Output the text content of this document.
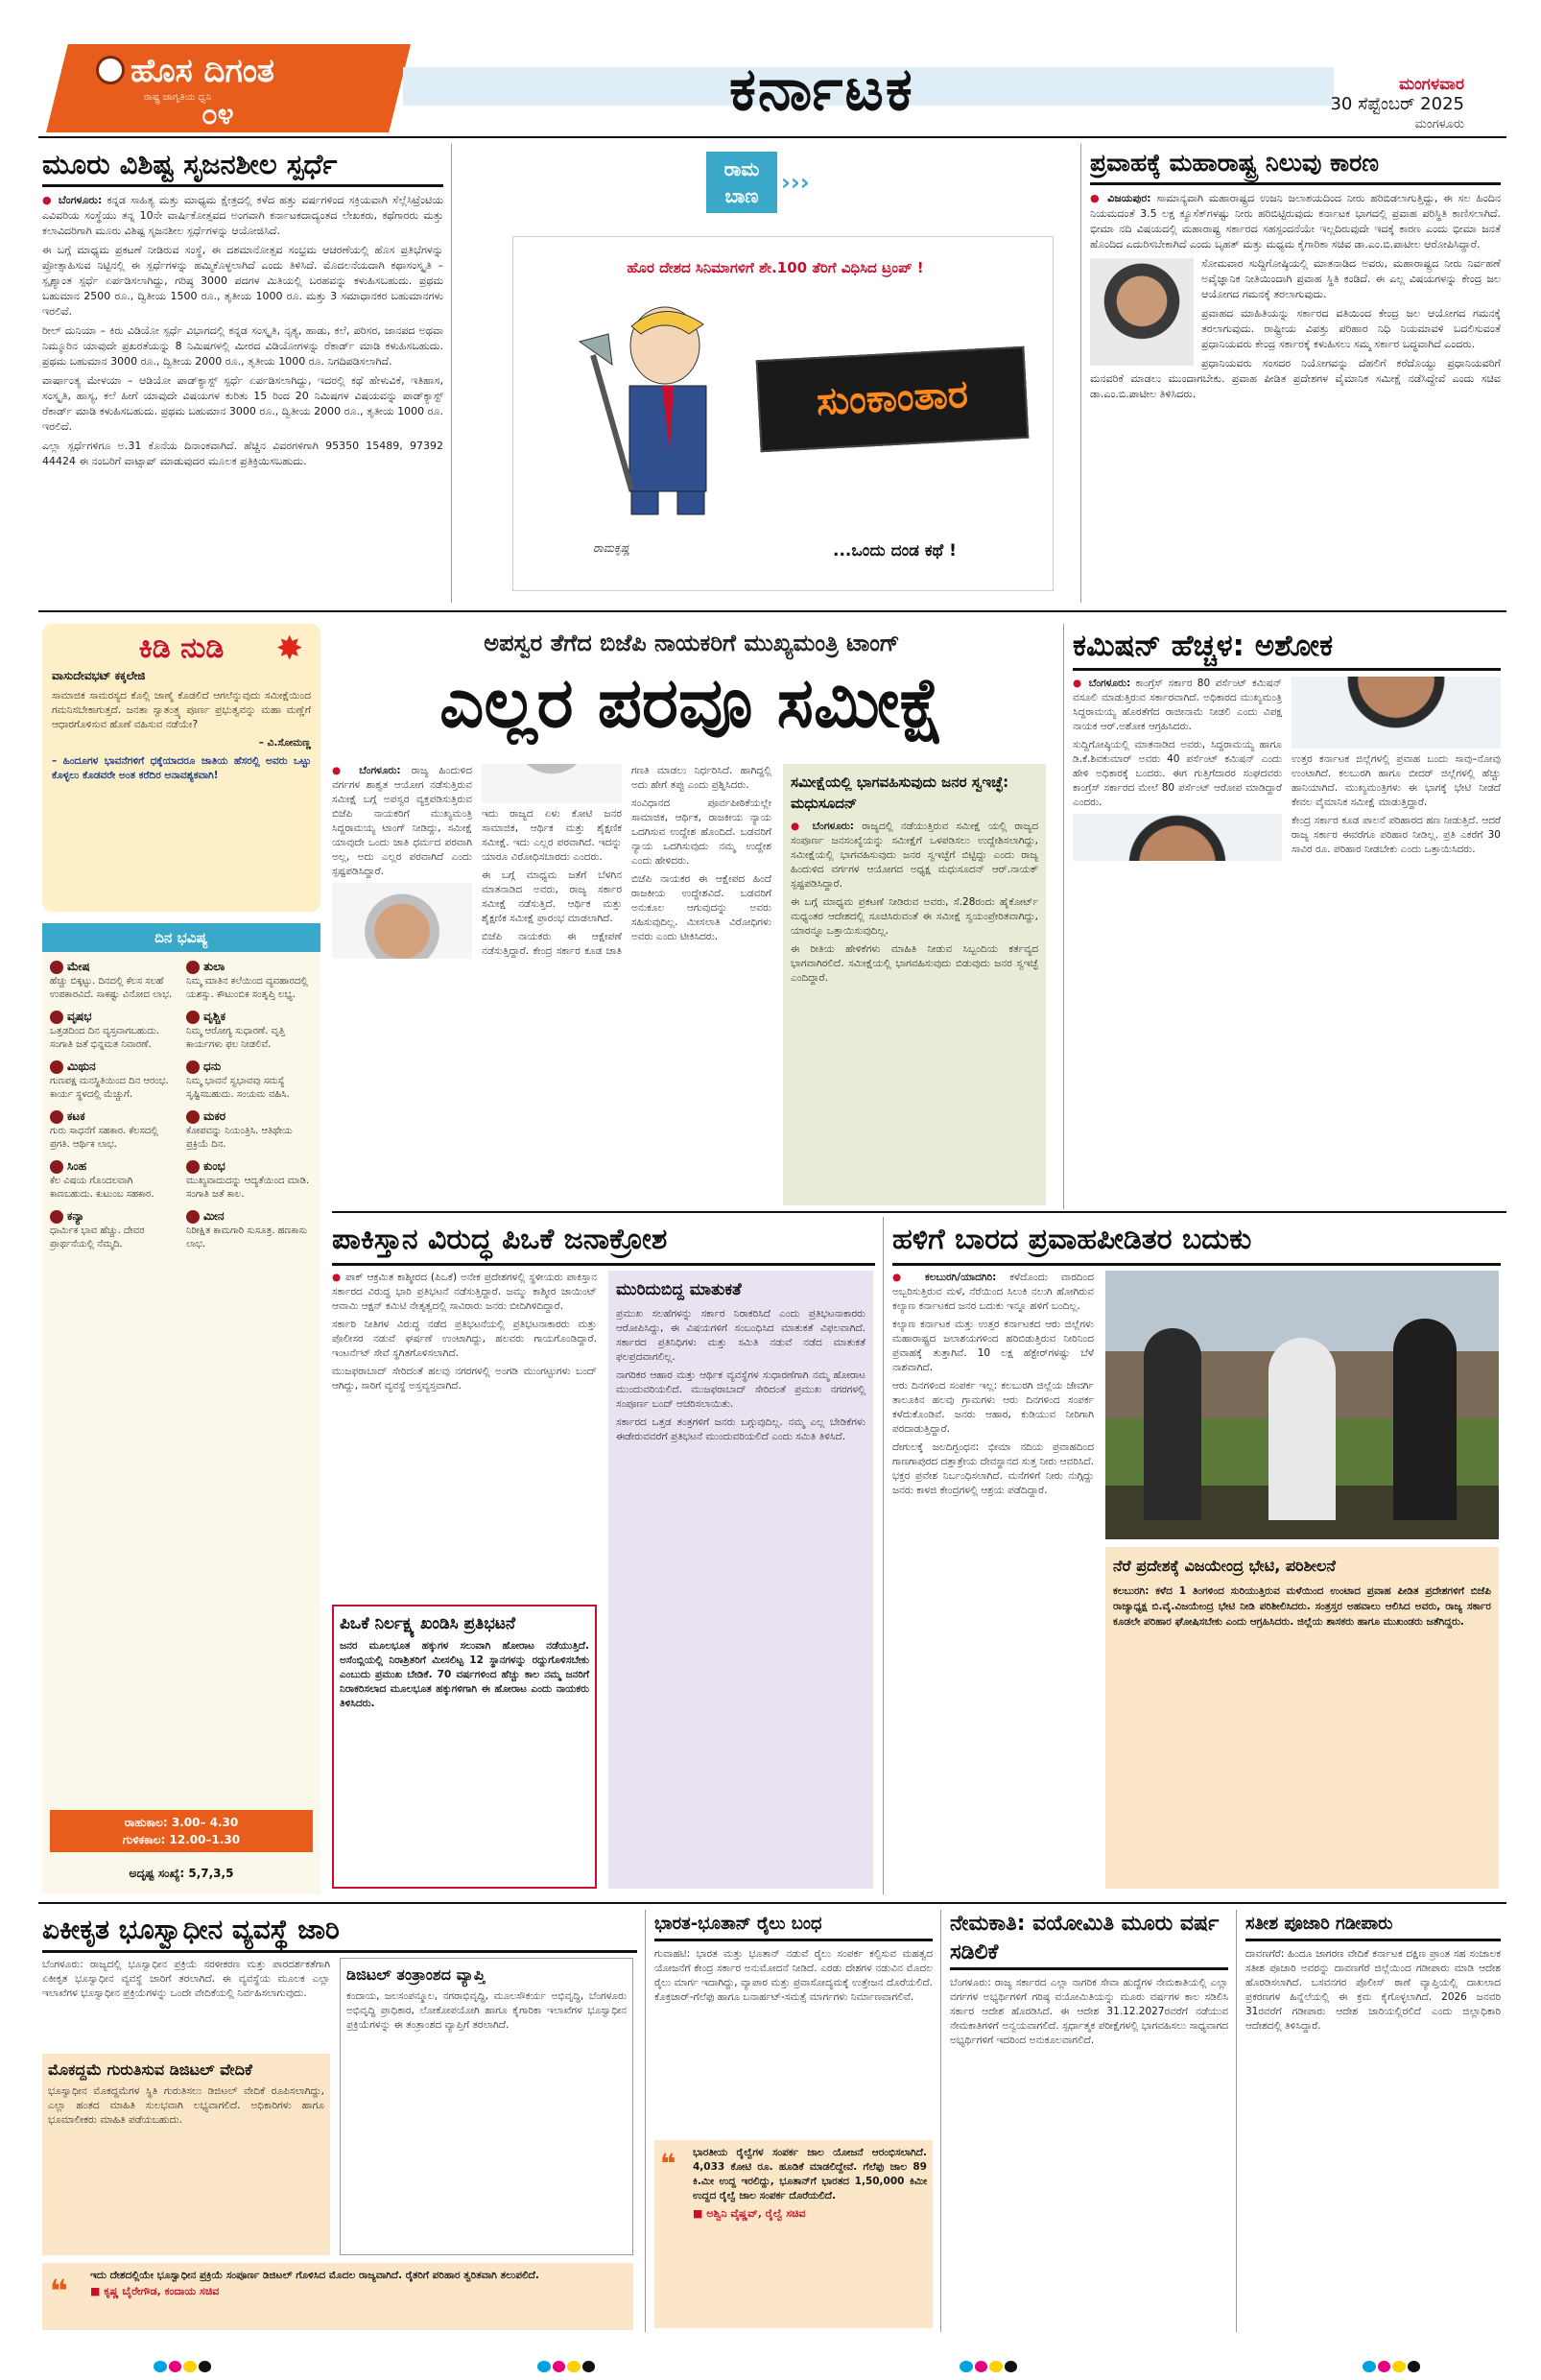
ಹೊಸ ದಿಗಂತ
ರಾಷ್ಟ್ರ ಜಾಗೃತಿಯ ಧ್ವನಿ
೦೪	ಕರ್ನಾಟಕ	ಮಂಗಳವಾರ
30 ಸೆಪ್ಟೆಂಬರ್ 2025
ಮಂಗಳೂರು
ಮೂರು ವಿಶಿಷ್ಟ ಸೃಜನಶೀಲ ಸ್ಪರ್ಧೆ

● ಬೆಂಗಳೂರು: ಕನ್ನಡ ಸಾಹಿತ್ಯ ಮತ್ತು ಮಾಧ್ಯಮ ಕ್ಷೇತ್ರದಲ್ಲಿ ಕಳೆದ ಹತ್ತು ವರ್ಷಗಳಿಂದ ಸಕ್ರಿಯವಾಗಿ ಸೆಲ್ಲೆಸಿಟ್ರೆಂಟಿಯ ಎವಿವರಿಯ ಸಂಸ್ಥೆಯು ತನ್ನ 10ನೇ ವಾರ್ಷಿಕೋತ್ಸವದ ಅಂಗವಾಗಿ ಕರ್ನಾಟಕದಾದ್ಯಂತದ ಲೇಖಕರು, ಕಥೆಗಾರರು ಮತ್ತು ಕಲಾವಿದರಿಗಾಗಿ ಮೂರು ವಿಶಿಷ್ಟ ಸೃಜನಶೀಲ ಸ್ಪರ್ಧೆಗಳನ್ನು ಆಯೋಜಿಸಿದೆ.

ಈ ಬಗ್ಗೆ ಮಾಧ್ಯಮ ಪ್ರಕಟಣೆ ನೀಡಿರುವ ಸಂಸ್ಥೆ, ಈ ದಶಮಾನೋತ್ಸವ ಸಂಭ್ರಮ ಆಚರಣೆಯಲ್ಲಿ ಹೊಸ ಪ್ರತಿಭೆಗಳನ್ನು ಪ್ರೋತ್ಸಾಹಿಸುವ ನಿಟ್ಟಿನಲ್ಲಿ ಈ ಸ್ಪರ್ಧೆಗಳನ್ನು ಹಮ್ಮಿಕೊಳ್ಳಲಾಗಿದೆ ಎಂದು ತಿಳಿಸಿದೆ. ಮೊದಲನೆಯದಾಗಿ ಕಥಾಸಂಸ್ಕೃತಿ – ಸ್ಪೃಶ್ಯಾಂತ ಸ್ಪರ್ಧೆ ಏರ್ಪಡಿಸಲಾಗಿದ್ದು, ಗರಿಷ್ಠ 3000 ಪದಗಳ ಮಿತಿಯಲ್ಲಿ ಬರಹವನ್ನು ಕಳುಹಿಸಬಹುದು. ಪ್ರಥಮ ಬಹುಮಾನ 2500 ರೂ., ದ್ವಿತೀಯ 1500 ರೂ., ತೃತೀಯ 1000 ರೂ. ಮತ್ತು 3 ಸಮಾಧಾನಕರ ಬಹುಮಾನಗಳು ಇರಲಿವೆ.

ರೀಲ್ ದುನಿಯಾ – ಕಿರು ವಿಡಿಯೋ ಸ್ಪರ್ಧೆ ವಿಭಾಗದಲ್ಲಿ ಕನ್ನಡ ಸಂಸ್ಕೃತಿ, ನೃತ್ಯ, ಹಾಡು, ಕಲೆ, ಪರಿಸರ, ಜಾನಪದ ಅಥವಾ ನಿಮ್ಮೂರಿನ ಯಾವುದೇ ಪ್ರಖರತೆಯನ್ನು 8 ನಿಮಿಷಗಳಲ್ಲಿ ಮೀರದ ವಿಡಿಯೋಗಳನ್ನು ರೆಕಾರ್ಡ್ ಮಾಡಿ ಕಳುಹಿಸಬಹುದು. ಪ್ರಥಮ ಬಹುಮಾನ 3000 ರೂ., ದ್ವಿತೀಯ 2000 ರೂ., ತೃತೀಯ 1000 ರೂ. ನಿಗದಿಪಡಿಸಲಾಗಿದೆ.

ವಾರ್ಷಾಂತ್ಯ ಮೇಳಯಾ – ಆಡಿಯೋ ಪಾಡ್‌ಕ್ಯಾಸ್ಟ್ ಸ್ಪರ್ಧೆ ಏರ್ಪಡಿಸಲಾಗಿದ್ದು, ಇದರಲ್ಲಿ ಕಥೆ ಹೇಳುವಿಕೆ, ಇತಿಹಾಸ, ಸಂಸ್ಕೃತಿ, ಹಾಸ್ಯ, ಕಲೆ ಹೀಗೆ ಯಾವುದೇ ವಿಷಯಗಳ ಕುರಿತು 15 ರಿಂದ 20 ನಿಮಿಷಗಳ ವಿಷಯವನ್ನು ಪಾಡ್‌ಕ್ಯಾಸ್ಟ್ ರೆಕಾರ್ಡ್ ಮಾಡಿ ಕಳುಹಿಸಬಹುದು. ಪ್ರಥಮ ಬಹುಮಾನ 3000 ರೂ., ದ್ವಿತೀಯ 2000 ರೂ., ತೃತೀಯ 1000 ರೂ. ಇರಲಿದೆ.

ಎಲ್ಲಾ ಸ್ಪರ್ಧೆಗಳಿಗೂ ಅ.31 ಕೊನೆಯ ದಿನಾಂಕವಾಗಿದೆ. ಹೆಚ್ಚಿನ ವಿವರಗಳಿಗಾಗಿ 95350 15489, 97392 44424 ಈ ನಂಬರಿಗೆ ವಾಟ್ಸಾಪ್ ಮಾಡುವುದರ ಮೂಲಕ ಪ್ರತಿಕ್ರಿಯಿಸಬಹುದು.

ರಾಮ ಬಾಣ ›››
ಹೊರ ದೇಶದ ಸಿನಿಮಾಗಳಿಗೆ ಶೇ.100 ತೆರಿಗೆ ವಿಧಿಸಿದ ಟ್ರಂಪ್ !
ಸುಂಕಾಂತಾರ
ರಾಮಕೃಷ್ಣ	...ಒಂದು ದಂಡ ಕಥೆ !
ಪ್ರವಾಹಕ್ಕೆ ಮಹಾರಾಷ್ಟ್ರ ನಿಲುವು ಕಾರಣ

● ವಿಜಯಪುರ: ಸಾಮಾನ್ಯವಾಗಿ ಮಹಾರಾಷ್ಟ್ರದ ಉಜನಿ ಜಲಾಶಯದಿಂದ ನೀರು ಹರಿಬಿಡಲಾಗುತ್ತಿದ್ದು, ಈ ಸಲ ಹಿಂದಿನ ನಿಯಮದಂತೆ 3.5 ಲಕ್ಷ ಕ್ಯೂಸೆಕ್‌ಗಳಷ್ಟು ನೀರು ಹರಿಬಿಟ್ಟಿರುವುದು ಕರ್ನಾಟಕ ಭಾಗದಲ್ಲಿ ಪ್ರವಾಹ ಪರಿಸ್ಥಿತಿ ಕಾಣಿಸಲಾಗಿದೆ. ಭೀಮಾ ನದಿ ವಿಷಯದಲ್ಲಿ ಮಹಾರಾಷ್ಟ್ರ ಸರ್ಕಾರದ ಸಹಸ್ಪಂದನೆಯೇ ಇಲ್ಲದಿರುವುದೇ ಇದಕ್ಕೆ ಕಾರಣ ಎಂದು ಭೀಮಾ ಜನತೆ ಹೊಂದಿದ ಎದುರಿಸಬೇಕಾಗಿದೆ ಎಂದು ಬೃಹತ್ ಮತ್ತು ಮಧ್ಯಮ ಕೈಗಾರಿಕಾ ಸಚಿವ ಡಾ.ಎಂ.ಬಿ.ಪಾಟೀಲ ಆರೋಪಿಸಿದ್ದಾರೆ.

ಸೋಮವಾರ ಸುದ್ದಿಗೋಷ್ಠಿಯಲ್ಲಿ ಮಾತನಾಡಿದ ಅವರು, ಮಹಾರಾಷ್ಟ್ರದ ನೀರು ನಿರ್ವಹಣೆ ಅವೈಜ್ಞಾನಿಕ ನೀತಿಯಿಂದಾಗಿ ಪ್ರವಾಹ ಸ್ಥಿತಿ ಕಂಡಿದೆ. ಈ ಎಲ್ಲ ವಿಷಯಗಳನ್ನು ಕೇಂದ್ರ ಜಲ ಆಯೋಗದ ಗಮನಕ್ಕೆ ತರಲಾಗುವುದು.

ಪ್ರವಾಹದ ಮಾಹಿತಿಯನ್ನು ಸರ್ಕಾರದ ವತಿಯಿಂದ ಕೇಂದ್ರ ಜಲ ಆಯೋಗದ ಗಮನಕ್ಕೆ ತರಲಾಗುವುದು. ರಾಷ್ಟ್ರೀಯ ವಿಪತ್ತು ಪರಿಹಾರ ನಿಧಿ ನಿಯಮಾವಳಿ ಬದಲಿಸುವಂತೆ ಪ್ರಧಾನಿಯವರು ಕೇಂದ್ರ ಸರ್ಕಾರಕ್ಕೆ ಕಳುಹಿಸಲು ಸಮ್ಮ ಸರ್ಕಾರ ಬದ್ಧವಾಗಿದೆ ಎಂದರು.

ಪ್ರಧಾನಿಯವರು ಸಂಸದರ ನಿಯೋಗವನ್ನು ದೆಹಲಿಗೆ ಕರೆದೊಯ್ದು ಪ್ರಧಾನಿಯವರಿಗೆ ಮನವರಿಕೆ ಮಾಡಲು ಮುಂದಾಗಬೇಕು. ಪ್ರವಾಹ ಪೀಡಿತ ಪ್ರದೇಶಗಳ ವೈಮಾನಿಕ ಸಮೀಕ್ಷೆ ನಡೆಸಿದ್ದೇವೆ ಎಂದು ಸಚಿವ ಡಾ.ಎಂ.ಬಿ.ಪಾಟೀಲ ತಿಳಿಸಿದರು.

✸
ಕಿಡಿ ನುಡಿ
ವಾಸುದೇವಭಟ್ ಕಕ್ಕಲೇಜಿ

ಸಾಮಾಜಿಕ ಸಾಮರಸ್ಯದ ಕೊಲ್ಲಿ ಜಾಣ್ಮೆ ಕೊಡಲಿದೆ ಆಗಲೆನ್ನುವುದು ಸಮೀಕ್ಷೆಯಿಂದ ಗಮನಿಸಬೇಕಾಗುತ್ತದೆ. ಜನತಾ ಸ್ವಾತಂತ್ರ್ಯ ಪೂರ್ಣ ಪ್ರಭುತ್ವವನ್ನು ಮಹಾ ಮಣ್ಣೆಗೆ ಆಧಾರಗೊಳಿಸುವ ಹೊಣೆ ವಹಿಸುವ ನಡೆಯೇ?

– ವಿ.ಸೋಮಣ್ಣ

– ಹಿಂದೂಗಳ ಭಾವನೆಗಳಿಗೆ ಧಕ್ಕೆಯಾದರೂ ಜಾತಿಯ ಹೆಸರಲ್ಲಿ ಅವರು ಒಟ್ಟು ಕೊಳ್ಳಲು ಕೊಡವರೇ ಅಂತ ಕರೆದಿರ ಅನಾವಶ್ಯಕವಾಗಿ!

ದಿನ ಭವಿಷ್ಯ
ಮೇಷ
ಹೆಚ್ಚು ಬಿಕ್ಕಟ್ಟು. ದಿನದಲ್ಲಿ ಕೆಲಸ ಸಲಹೆ ಉಪಕಾರವಿದೆ. ಸಾಕಷ್ಟು ವಿನೋದ ಲಾಭ.
ತುಲಾ
ನಿಮ್ಮ ಮಾತಿನ ಕಲೆಯಿಂದ ವ್ಯವಹಾರದಲ್ಲಿ ಯಶಸ್ಸು. ಕೌಟುಂಬಿಕ ಸಂತೃಪ್ತಿ ಲಭ್ಯ.
ವೃಷಭ
ಒತ್ತಡದಿಂದ ದಿನ ವ್ಯಸ್ತವಾಗಬಹುದು. ಸಂಗಾತಿ ಜತೆ ಭಿನ್ನಮತ ನಿವಾರಣೆ.
ವೃಶ್ಚಿಕ
ನಿಮ್ಮ ಆರೋಗ್ಯ ಸುಧಾರಣೆ. ವೃತ್ತಿ ಕಾರ್ಯಗಳು ಫಲ ನೀಡಲಿವೆ.
ಮಿಥುನ
ಗುಣಪಕ್ಷ ಮನಸ್ಥಿತಿಯಿಂದ ದಿನ ಆರಂಭ. ಕಾರ್ಯ ಸ್ಥಳದಲ್ಲಿ ಮೆಚ್ಚುಗೆ.
ಧನು
ನಿಮ್ಮ ಭಾವನೆ ಸ್ವಭಾವವು ಸಮಸ್ಯೆ ಸೃಷ್ಟಿಸಬಹುದು. ಸಂಯಮ ವಹಿಸಿ.
ಕಟಕ
ಗುರು ಸಾಧನೆಗೆ ಸಹಕಾರ. ಕೆಲಸದಲ್ಲಿ ಪ್ರಗತಿ. ಆರ್ಥಿಕ ಲಾಭ.
ಮಕರ
ಕೋಪವನ್ನು ನಿಯಂತ್ರಿಸಿ. ಆತಿಥೇಯ ಪ್ರಕ್ರಿಯೆ ದಿನ.
ಸಿಂಹ
ಕೆಲ ವಿಷಯ ಗೊಂದಲವಾಗಿ ಕಾಣಬಹುದು. ಕುಟುಂಬ ಸಹಕಾರ.
ಕುಂಭ
ಮುಖ್ಯವಾದುದನ್ನು ಆದ್ಯತೆಯಿಂದ ಮಾಡಿ. ಸಂಗಾತಿ ಜತೆ ಕಾಲ.
ಕನ್ಯಾ
ಧಾರ್ಮಿಕ ಭಾವ ಹೆಚ್ಚು. ದೇವರ ಪ್ರಾರ್ಥನೆಯಲ್ಲಿ ನೆಮ್ಮದಿ.
ಮೀನ
ನಿರೀಕ್ಷಿತ ಕಾಮಗಾರಿ ಸುಸೂತ್ರ. ಹಣಕಾಸು ಲಾಭ.
ರಾಹುಕಾಲ: 3.00– 4.30
ಗುಳಿಕಕಾಲ: 12.00–1.30
ಅದೃಷ್ಟ ಸಂಖ್ಯೆ: 5,7,3,5
ಅಪಸ್ವರ ತೆಗೆದ ಬಿಜೆಪಿ ನಾಯಕರಿಗೆ ಮುಖ್ಯಮಂತ್ರಿ ಟಾಂಗ್
ಎಲ್ಲರ ಪರವೂ ಸಮೀಕ್ಷೆ

● ಬೆಂಗಳೂರು: ರಾಜ್ಯ ಹಿಂದುಳಿದ ವರ್ಗಗಳ ಶಾಶ್ವತ ಆಯೋಗ ನಡೆಸುತ್ತಿರುವ ಸಮೀಕ್ಷೆ ಬಗ್ಗೆ ಅಪಸ್ವರ ವ್ಯಕ್ತಪಡಿಸುತ್ತಿರುವ ಬಿಜೆಪಿ ನಾಯಕರಿಗೆ ಮುಖ್ಯಮಂತ್ರಿ ಸಿದ್ದರಾಮಯ್ಯ ಟಾಂಗ್ ನೀಡಿದ್ದು, ಸಮೀಕ್ಷೆ ಯಾವುದೇ ಒಂದು ಜಾತಿ ಧರ್ಮದ ಪರವಾಗಿ ಅಲ್ಲ, ಅದು ಎಲ್ಲರ ಪರವಾಗಿದೆ ಎಂದು ಸ್ಪಷ್ಟಪಡಿಸಿದ್ದಾರೆ.

ಇದು ರಾಜ್ಯದ ಏಳು ಕೋಟಿ ಜನರ ಸಾಮಾಜಿಕ, ಆರ್ಥಿಕ ಮತ್ತು ಶೈಕ್ಷಣಿಕ ಸಮೀಕ್ಷೆ. ಇದು ಎಲ್ಲರ ಪರವಾಗಿದೆ. ಇದನ್ನು ಯಾರೂ ವಿರೋಧಿಸಬಾರದು ಎಂದರು.

ಈ ಬಗ್ಗೆ ಮಾಧ್ಯಮ ಜತೆಗೆ ಬೆಳಗಿನ ಮಾತನಾಡಿದ ಅವರು, ರಾಜ್ಯ ಸರ್ಕಾರ ಸಮೀಕ್ಷೆ ನಡೆಸುತ್ತಿದೆ. ಆರ್ಥಿಕ ಮತ್ತು ಶೈಕ್ಷಣಿಕ ಸಮೀಕ್ಷೆ ಪ್ರಾರಂಭ ಮಾಡಲಾಗಿದೆ.

ಬಿಜೆಪಿ ನಾಯಕರು ಈ ಆಕ್ಷೇಪಣೆ ನಡೆಸುತ್ತಿದ್ದಾರೆ. ಕೇಂದ್ರ ಸರ್ಕಾರ ಕೂಡ ಜಾತಿ ಗಣತಿ ಮಾಡಲು ನಿರ್ಧರಿಸಿದೆ. ಹಾಗಿದ್ದಲ್ಲಿ ಅದು ಹೇಗೆ ತಪ್ಪು ಎಂದು ಪ್ರಶ್ನಿಸಿದರು.

ಸಂವಿಧಾನದ ಪೂರ್ವಪೀಠಿಕೆಯಲ್ಲೇ ಸಾಮಾಜಿಕ, ಆರ್ಥಿಕ, ರಾಜಕೀಯ ನ್ಯಾಯ ಒದಗಿಸುವ ಉದ್ದೇಶ ಹೊಂದಿದೆ. ಬಡವರಿಗೆ ನ್ಯಾಯ ಒದಗಿಸುವುದು ನಮ್ಮ ಉದ್ದೇಶ ಎಂದು ಹೇಳಿದರು.

ಬಿಜೆಪಿ ನಾಯಕರ ಈ ಆಕ್ಷೇಪದ ಹಿಂದೆ ರಾಜಕೀಯ ಉದ್ದೇಶವಿದೆ. ಬಡವರಿಗೆ ಅನುಕೂಲ ಆಗುವುದನ್ನು ಅವರು ಸಹಿಸುವುದಿಲ್ಲ. ಮೀಸಲಾತಿ ವಿರೋಧಿಗಳು ಅವರು ಎಂದು ಟೀಕಿಸಿದರು.

ಸಮೀಕ್ಷೆಯಲ್ಲಿ ಭಾಗವಹಿಸುವುದು ಜನರ ಸ್ವಇಚ್ಛೆ: ಮಧುಸೂದನ್

● ಬೆಂಗಳೂರು: ರಾಜ್ಯದಲ್ಲಿ ನಡೆಯುತ್ತಿರುವ ಸಮೀಕ್ಷೆ ಯಲ್ಲಿ ರಾಜ್ಯದ ಸಂಪೂರ್ಣ ಜನಸಂಖ್ಯೆಯನ್ನು ಸಮೀಕ್ಷೆಗೆ ಒಳಪಡಿಸಲು ಉದ್ದೇಶಿಸಲಾಗಿದ್ದು, ಸಮೀಕ್ಷೆಯಲ್ಲಿ ಭಾಗವಹಿಸುವುದು ಜನರ ಸ್ವಇಚ್ಛೆಗೆ ಬಿಟ್ಟಿದ್ದು ಎಂದು ರಾಜ್ಯ ಹಿಂದುಳಿದ ವರ್ಗಗಳ ಆಯೋಗದ ಅಧ್ಯಕ್ಷ ಮಧುಸೂದನ್ ಆರ್.ನಾಯಕ್ ಸ್ಪಷ್ಟಪಡಿಸಿದ್ದಾರೆ.

ಈ ಬಗ್ಗೆ ಮಾಧ್ಯಮ ಪ್ರಕಟಣೆ ನೀಡಿರುವ ಅವರು, ಸೆ.28ರಂದು ಹೈಕೋರ್ಟ್ ಮಧ್ಯಂತರ ಆದೇಶದಲ್ಲಿ ಸೂಚಿಸಿರುವಂತೆ ಈ ಸಮೀಕ್ಷೆ ಸ್ವಯಂಪ್ರೇರಿತವಾಗಿದ್ದು, ಯಾರನ್ನೂ ಒತ್ತಾಯಿಸುವುದಿಲ್ಲ.

ಈ ರೀತಿಯ ಹೇಳಿಕೆಗಳು ಮಾಹಿತಿ ನೀಡುವ ಸಿಬ್ಬಂದಿಯ ಕರ್ತವ್ಯದ ಭಾಗವಾಗಿರಲಿದೆ. ಸಮೀಕ್ಷೆಯಲ್ಲಿ ಭಾಗವಹಿಸುವುದು ಬಿಡುವುದು ಜನರ ಸ್ವಇಚ್ಛೆ ಎಂದಿದ್ದಾರೆ.

ಕಮಿಷನ್ ಹೆಚ್ಚಳ: ಅಶೋಕ

● ಬೆಂಗಳೂರು: ಕಾಂಗ್ರೆಸ್ ಸರ್ಕಾರ 80 ಪರ್ಸೆಂಟ್ ಕಮಿಷನ್ ವಸೂಲಿ ಮಾಡುತ್ತಿರುವ ಸರ್ಕಾರವಾಗಿದೆ. ಅಧಿಕಾರದ ಮುಖ್ಯಮಂತ್ರಿ ಸಿದ್ದರಾಮಯ್ಯ ಹೊರತೆಗೆದ ರಾಜೀನಾಮೆ ನೀಡಲಿ ಎಂದು ವಿಪಕ್ಷ ನಾಯಕ ಆರ್.ಅಶೋಕ ಆಗ್ರಹಿಸಿದರು.

ಸುದ್ದಿಗೋಷ್ಠಿಯಲ್ಲಿ ಮಾತನಾಡಿದ ಅವರು, ಸಿದ್ದರಾಮಯ್ಯ ಹಾಗೂ ಡಿ.ಕೆ.ಶಿವಕುಮಾರ್ ಅವರು 40 ಪರ್ಸೆಂಟ್ ಕಮಿಷನ್ ಎಂದು ಹೇಳಿ ಅಧಿಕಾರಕ್ಕೆ ಬಂದರು. ಈಗ ಗುತ್ತಿಗೆದಾರರ ಸಂಘದವರು ಕಾಂಗ್ರೆಸ್ ಸರ್ಕಾರದ ಮೇಲೆ 80 ಪರ್ಸೆಂಟ್ ಆರೋಪ ಮಾಡಿದ್ದಾರೆ ಎಂದರು.

ಉತ್ತರ ಕರ್ನಾಟಕ ಜಿಲ್ಲೆಗಳಲ್ಲಿ ಪ್ರವಾಹ ಬಂದು ಸಾವು–ನೋವು ಉಂಟಾಗಿದೆ. ಕಲಬುರಗಿ ಹಾಗೂ ಬೀದರ್ ಜಿಲ್ಲೆಗಳಲ್ಲಿ ಹೆಚ್ಚು ಹಾನಿಯಾಗಿದೆ. ಮುಖ್ಯಮಂತ್ರಿಗಳು ಈ ಭಾಗಕ್ಕೆ ಭೇಟಿ ನೀಡದೆ ಕೇವಲ ವೈಮಾನಿಕ ಸಮೀಕ್ಷೆ ಮಾಡುತ್ತಿದ್ದಾರೆ.

ಕೇಂದ್ರ ಸರ್ಕಾರ ಕೂಡ ಪಾಲನೆ ಪರಿಹಾರದ ಹಣ ನೀಡುತ್ತಿದೆ. ಆದರೆ ರಾಜ್ಯ ಸರ್ಕಾರ ಈವರೆಗೂ ಪರಿಹಾರ ನೀಡಿಲ್ಲ. ಪ್ರತಿ ಎಕರೆಗೆ 30 ಸಾವಿರ ರೂ. ಪರಿಹಾರ ನೀಡಬೇಕು ಎಂದು ಒತ್ತಾಯಿಸಿದರು.

ಪಾಕಿಸ್ತಾನ ವಿರುದ್ಧ ಪಿಒಕೆ ಜನಾಕ್ರೋಶ

● ಪಾಕ್ ಆಕ್ರಮಿತ ಕಾಶ್ಮೀರದ (ಪಿಒಕೆ) ಅನೇಕ ಪ್ರದೇಶಗಳಲ್ಲಿ ಸ್ಥಳೀಯರು ಪಾಕಿಸ್ತಾನ ಸರ್ಕಾರದ ವಿರುದ್ಧ ಭಾರಿ ಪ್ರತಿಭಟನೆ ನಡೆಸುತ್ತಿದ್ದಾರೆ. ಜಮ್ಮು ಕಾಶ್ಮೀರ ಜಾಯಿಂಟ್ ಆವಾಮಿ ಆಕ್ಷನ್ ಕಮಿಟಿ ನೇತೃತ್ವದಲ್ಲಿ ಸಾವಿರಾರು ಜನರು ಬೀದಿಗಿಳಿದಿದ್ದಾರೆ.

ಸರ್ಕಾರಿ ನೀತಿಗಳ ವಿರುದ್ಧ ನಡೆದ ಪ್ರತಿಭಟನೆಯಲ್ಲಿ ಪ್ರತಿಭಟನಾಕಾರರು ಮತ್ತು ಪೊಲೀಸರ ನಡುವೆ ಘರ್ಷಣೆ ಉಂಟಾಗಿದ್ದು, ಹಲವರು ಗಾಯಗೊಂಡಿದ್ದಾರೆ. ಇಂಟರ್ನೆಟ್ ಸೇವೆ ಸ್ಥಗಿತಗೊಳಿಸಲಾಗಿದೆ.

ಮುಜಫರಾಬಾದ್ ಸೇರಿದಂತೆ ಹಲವು ನಗರಗಳಲ್ಲಿ ಅಂಗಡಿ ಮುಂಗಟ್ಟುಗಳು ಬಂದ್ ಆಗಿದ್ದು, ಸಾರಿಗೆ ವ್ಯವಸ್ಥೆ ಅಸ್ತವ್ಯಸ್ತವಾಗಿದೆ.

ಪಿಒಕೆ ನಿರ್ಲಕ್ಷ್ಯ ಖಂಡಿಸಿ ಪ್ರತಿಭಟನೆ
ಜನರ ಮೂಲಭೂತ ಹಕ್ಕುಗಳ ಸಲುವಾಗಿ ಹೋರಾಟ ನಡೆಯುತ್ತಿದೆ. ಅಸೆಂಬ್ಲಿಯಲ್ಲಿ ನಿರಾಶ್ರಿತರಿಗೆ ಮೀಸಲಿಟ್ಟ 12 ಸ್ಥಾನಗಳನ್ನು ರದ್ದುಗೊಳಿಸಬೇಕು ಎಂಬುದು ಪ್ರಮುಖ ಬೇಡಿಕೆ. 70 ವರ್ಷಗಳಿಂದ ಹೆಚ್ಚು ಕಾಲ ನಮ್ಮ ಜನರಿಗೆ ನಿರಾಕರಿಸಲಾದ ಮೂಲಭೂತ ಹಕ್ಕುಗಳಿಗಾಗಿ ಈ ಹೋರಾಟ ಎಂದು ನಾಯಕರು ತಿಳಿಸಿದರು.
ಮುರಿದುಬಿದ್ದ ಮಾತುಕತೆ

ಪ್ರಮುಖ ಸಲಹೆಗಳನ್ನು ಸರ್ಕಾರ ನಿರಾಕರಿಸಿದೆ ಎಂದು ಪ್ರತಿಭಟನಾಕಾರರು ಆರೋಪಿಸಿದ್ದು, ಈ ವಿಷಯಗಳಿಗೆ ಸಂಬಂಧಿಸಿದ ಮಾತುಕತೆ ವಿಫಲವಾಗಿದೆ. ಸರ್ಕಾರದ ಪ್ರತಿನಿಧಿಗಳು ಮತ್ತು ಸಮಿತಿ ನಡುವೆ ನಡೆದ ಮಾತುಕತೆ ಫಲಪ್ರದವಾಗಲಿಲ್ಲ.

ನಾಗರಿಕರ ಆಹಾರ ಮತ್ತು ಆರ್ಥಿಕ ವ್ಯವಸ್ಥೆಗಳ ಸುಧಾರಣೆಗಾಗಿ ನಮ್ಮ ಹೋರಾಟ ಮುಂದುವರಿಯಲಿದೆ. ಮುಜಫರಾಬಾದ್ ಸೇರಿದಂತೆ ಪ್ರಮುಖ ನಗರಗಳಲ್ಲಿ ಸಂಪೂರ್ಣ ಬಂದ್ ಆಚರಿಸಲಾಯಿತು.

ಸರ್ಕಾರದ ಒತ್ತಡ ತಂತ್ರಗಳಿಗೆ ಜನರು ಬಗ್ಗುವುದಿಲ್ಲ. ನಮ್ಮ ಎಲ್ಲ ಬೇಡಿಕೆಗಳು ಈಡೇರುವವರೆಗೆ ಪ್ರತಿಭಟನೆ ಮುಂದುವರಿಯಲಿದೆ ಎಂದು ಸಮಿತಿ ತಿಳಿಸಿದೆ.

ಹಳಿಗೆ ಬಾರದ ಪ್ರವಾಹಪೀಡಿತರ ಬದುಕು

● ಕಲಬುರಗಿ/ಯಾದಗಿರಿ: ಕಳೆದೊಂದು ವಾರದಿಂದ ಅಬ್ಬರಿಸುತ್ತಿರುವ ಮಳೆ, ನೆರೆಯಿಂದ ಸಿಲುಕಿ ನಲುಗಿ ಹೋಗಿರುವ ಕಲ್ಯಾಣ ಕರ್ನಾಟಕದ ಜನರ ಬದುಕು ಇನ್ನೂ ಹಳಿಗೆ ಬಂದಿಲ್ಲ.

ಕಲ್ಯಾಣ ಕರ್ನಾಟಕ ಮತ್ತು ಉತ್ತರ ಕರ್ನಾಟಕದ ಆರು ಜಿಲ್ಲೆಗಳು ಮಹಾರಾಷ್ಟ್ರದ ಜಲಾಶಯಗಳಿಂದ ಹರಿಬಿಡುತ್ತಿರುವ ನೀರಿನಿಂದ ಪ್ರವಾಹಕ್ಕೆ ತುತ್ತಾಗಿವೆ. 10 ಲಕ್ಷ ಹೆಕ್ಟೇರ್‌ಗಳಷ್ಟು ಬೆಳೆ ನಾಶವಾಗಿದೆ.

ಆರು ದಿನಗಳಿಂದ ಸಂಪರ್ಕ ಇಲ್ಲ: ಕಲಬುರಗಿ ಜಿಲ್ಲೆಯ ಜೇವರ್ಗಿ ತಾಲೂಕಿನ ಹಲವು ಗ್ರಾಮಗಳು ಆರು ದಿನಗಳಿಂದ ಸಂಪರ್ಕ ಕಳೆದುಕೊಂಡಿವೆ. ಜನರು ಆಹಾರ, ಕುಡಿಯುವ ನೀರಿಗಾಗಿ ಪರದಾಡುತ್ತಿದ್ದಾರೆ.

ದೇಗುಲಕ್ಕೆ ಜಲದಿಗ್ಬಂಧನ: ಭೀಮಾ ನದಿಯ ಪ್ರವಾಹದಿಂದ ಗಾಣಗಾಪುರದ ದತ್ತಾತ್ರೇಯ ದೇವಸ್ಥಾನದ ಸುತ್ತ ನೀರು ಆವರಿಸಿದೆ. ಭಕ್ತರ ಪ್ರವೇಶ ನಿರ್ಬಂಧಿಸಲಾಗಿದೆ. ಮನೆಗಳಿಗೆ ನೀರು ನುಗ್ಗಿದ್ದು ಜನರು ಕಾಳಜಿ ಕೇಂದ್ರಗಳಲ್ಲಿ ಆಶ್ರಯ ಪಡೆದಿದ್ದಾರೆ.

ನೆರೆ ಪ್ರದೇಶಕ್ಕೆ ವಿಜಯೇಂದ್ರ ಭೇಟಿ, ಪರಿಶೀಲನೆ
ಕಲಬುರಗಿ: ಕಳೆದ 1 ತಿಂಗಳಿಂದ ಸುರಿಯುತ್ತಿರುವ ಮಳೆಯಿಂದ ಉಂಟಾದ ಪ್ರವಾಹ ಪೀಡಿತ ಪ್ರದೇಶಗಳಿಗೆ ಬಿಜೆಪಿ ರಾಜ್ಯಾಧ್ಯಕ್ಷ ಬಿ.ವೈ.ವಿಜಯೇಂದ್ರ ಭೇಟಿ ನೀಡಿ ಪರಿಶೀಲಿಸಿದರು. ಸಂತ್ರಸ್ತರ ಅಹವಾಲು ಆಲಿಸಿದ ಅವರು, ರಾಜ್ಯ ಸರ್ಕಾರ ಕೂಡಲೇ ಪರಿಹಾರ ಘೋಷಿಸಬೇಕು ಎಂದು ಆಗ್ರಹಿಸಿದರು. ಜಿಲ್ಲೆಯ ಶಾಸಕರು ಹಾಗೂ ಮುಖಂಡರು ಜತೆಗಿದ್ದರು.
ಏಕೀಕೃತ ಭೂಸ್ವಾಧೀನ ವ್ಯವಸ್ಥೆ ಜಾರಿ
ಬೆಂಗಳೂರು: ರಾಜ್ಯದಲ್ಲಿ ಭೂಸ್ವಾಧೀನ ಪ್ರಕ್ರಿಯೆ ಸರಳೀಕರಣ ಮತ್ತು ಪಾರದರ್ಶಕತೆಗಾಗಿ ಏಕೀಕೃತ ಭೂಸ್ವಾಧೀನ ವ್ಯವಸ್ಥೆ ಜಾರಿಗೆ ತರಲಾಗಿದೆ. ಈ ವ್ಯವಸ್ಥೆಯ ಮೂಲಕ ಎಲ್ಲಾ ಇಲಾಖೆಗಳ ಭೂಸ್ವಾಧೀನ ಪ್ರಕ್ರಿಯೆಗಳನ್ನು ಒಂದೇ ವೇದಿಕೆಯಲ್ಲಿ ನಿರ್ವಹಿಸಲಾಗುವುದು.
ಮೊಕದ್ದಮೆ ಗುರುತಿಸುವ ಡಿಜಿಟಲ್ ವೇದಿಕೆ
ಭೂಸ್ವಾಧೀನ ಮೊಕದ್ದಮೆಗಳ ಸ್ಥಿತಿ ಗುರುತಿಸಲು ಡಿಜಿಟಲ್ ವೇದಿಕೆ ರೂಪಿಸಲಾಗಿದ್ದು, ಎಲ್ಲಾ ಹಂತದ ಮಾಹಿತಿ ಸುಲಭವಾಗಿ ಲಭ್ಯವಾಗಲಿದೆ. ಅಧಿಕಾರಿಗಳು ಹಾಗೂ ಭೂಮಾಲೀಕರು ಮಾಹಿತಿ ಪಡೆಯಬಹುದು.
ಡಿಜಿಟಲ್ ತಂತ್ರಾಂಶದ ವ್ಯಾಪ್ತಿ
ಕಂದಾಯ, ಜಲಸಂಪನ್ಮೂಲ, ನಗರಾಭಿವೃದ್ಧಿ, ಮೂಲಸೌಕರ್ಯ ಅಭಿವೃದ್ಧಿ, ಬೆಂಗಳೂರು ಅಭಿವೃದ್ಧಿ ಪ್ರಾಧಿಕಾರ, ಲೋಕೋಪಯೋಗಿ ಹಾಗೂ ಕೈಗಾರಿಕಾ ಇಲಾಖೆಗಳ ಭೂಸ್ವಾಧೀನ ಪ್ರಕ್ರಿಯೆಗಳನ್ನು ಈ ತಂತ್ರಾಂಶದ ವ್ಯಾಪ್ತಿಗೆ ತರಲಾಗಿದೆ.
❝ ಇದು ದೇಶದಲ್ಲಿಯೇ ಭೂಸ್ವಾಧೀನ ಪ್ರಕ್ರಿಯೆ ಸಂಪೂರ್ಣ ಡಿಜಿಟಲ್ ಗೊಳಿಸಿದ ಮೊದಲ ರಾಜ್ಯವಾಗಿದೆ. ರೈತರಿಗೆ ಪರಿಹಾರ ತ್ವರಿತವಾಗಿ ತಲುಪಲಿದೆ.
■ ಕೃಷ್ಣ ಬೈರೇಗೌಡ, ಕಂದಾಯ ಸಚಿವ
ಭಾರತ-ಭೂತಾನ್ ರೈಲು ಬಂಧ
ಗುವಾಹಟಿ: ಭಾರತ ಮತ್ತು ಭೂತಾನ್ ನಡುವೆ ರೈಲು ಸಂಪರ್ಕ ಕಲ್ಪಿಸುವ ಮಹತ್ವದ ಯೋಜನೆಗೆ ಕೇಂದ್ರ ಸರ್ಕಾರ ಅನುಮೋದನೆ ನೀಡಿದೆ. ಎರಡು ದೇಶಗಳ ನಡುವಿನ ಮೊದಲ ರೈಲು ಮಾರ್ಗ ಇದಾಗಿದ್ದು, ವ್ಯಾಪಾರ ಮತ್ತು ಪ್ರವಾಸೋದ್ಯಮಕ್ಕೆ ಉತ್ತೇಜನ ದೊರೆಯಲಿದೆ. ಕೊಕ್ರಜಾರ್-ಗೆಲೆಫು ಹಾಗೂ ಬನಾರ್ಹಟ್-ಸಮತ್ಸೆ ಮಾರ್ಗಗಳು ನಿರ್ಮಾಣವಾಗಲಿವೆ.
❝ ಭಾರತೀಯ ರೈಲ್ವೆಗಳ ಸಂಪರ್ಕ ಜಾಲ ಯೋಜನೆ ಆರಂಭಿಸಲಾಗಿದೆ. 4,033 ಕೋಟಿ ರೂ. ಹೂಡಿಕೆ ಮಾಡಲಿದ್ದೇವೆ. ಗೆಲೆಫು ಜಾಲ 89 ಕಿ.ಮೀ ಉದ್ದ ಇರಲಿದ್ದು, ಭೂತಾನ್‌ಗೆ ಭಾರತದ 1,50,000 ಕಿಮೀ ಉದ್ದದ ರೈಲ್ವೆ ಜಾಲ ಸಂಪರ್ಕ ದೊರೆಯಲಿದೆ.
■ ಅಶ್ವಿನಿ ವೈಷ್ಣವ್, ರೈಲ್ವೆ ಸಚಿವ
ನೇಮಕಾತಿ: ವಯೋಮಿತಿ ಮೂರು ವರ್ಷ ಸಡಿಲಿಕೆ
ಬೆಂಗಳೂರು: ರಾಜ್ಯ ಸರ್ಕಾರದ ಎಲ್ಲಾ ನಾಗರಿಕ ಸೇವಾ ಹುದ್ದೆಗಳ ನೇಮಕಾತಿಯಲ್ಲಿ ಎಲ್ಲಾ ವರ್ಗಗಳ ಅಭ್ಯರ್ಥಿಗಳಿಗೆ ಗರಿಷ್ಠ ವಯೋಮಿತಿಯನ್ನು ಮೂರು ವರ್ಷಗಳ ಕಾಲ ಸಡಿಲಿಸಿ ಸರ್ಕಾರ ಆದೇಶ ಹೊರಡಿಸಿದೆ. ಈ ಆದೇಶ 31.12.2027ರವರೆಗೆ ನಡೆಯುವ ನೇಮಕಾತಿಗಳಿಗೆ ಅನ್ವಯವಾಗಲಿದೆ. ಸ್ಪರ್ಧಾತ್ಮಕ ಪರೀಕ್ಷೆಗಳಲ್ಲಿ ಭಾಗವಹಿಸಲು ಸಾಧ್ಯವಾಗದ ಅಭ್ಯರ್ಥಿಗಳಿಗೆ ಇದರಿಂದ ಅನುಕೂಲವಾಗಲಿದೆ.
ಸತೀಶ ಪೂಜಾರಿ ಗಡೀಪಾರು
ದಾವಣಗೆರೆ: ಹಿಂದೂ ಜಾಗರಣ ವೇದಿಕೆ ಕರ್ನಾಟಕ ದಕ್ಷಿಣ ಪ್ರಾಂತ ಸಹ ಸಂಚಾಲಕ ಸತೀಶ ಪೂಜಾರಿ ಅವರನ್ನು ದಾವಣಗೆರೆ ಜಿಲ್ಲೆಯಿಂದ ಗಡೀಪಾರು ಮಾಡಿ ಆದೇಶ ಹೊರಡಿಸಲಾಗಿದೆ. ಬಸವನಗರ ಪೊಲೀಸ್ ಠಾಣೆ ವ್ಯಾಪ್ತಿಯಲ್ಲಿ ದಾಖಲಾದ ಪ್ರಕರಣಗಳ ಹಿನ್ನೆಲೆಯಲ್ಲಿ ಈ ಕ್ರಮ ಕೈಗೊಳ್ಳಲಾಗಿದೆ. 2026 ಜನವರಿ 31ರವರೆಗೆ ಗಡೀಪಾರು ಆದೇಶ ಜಾರಿಯಲ್ಲಿರಲಿದೆ ಎಂದು ಜಿಲ್ಲಾಧಿಕಾರಿ ಆದೇಶದಲ್ಲಿ ತಿಳಿಸಿದ್ದಾರೆ.
